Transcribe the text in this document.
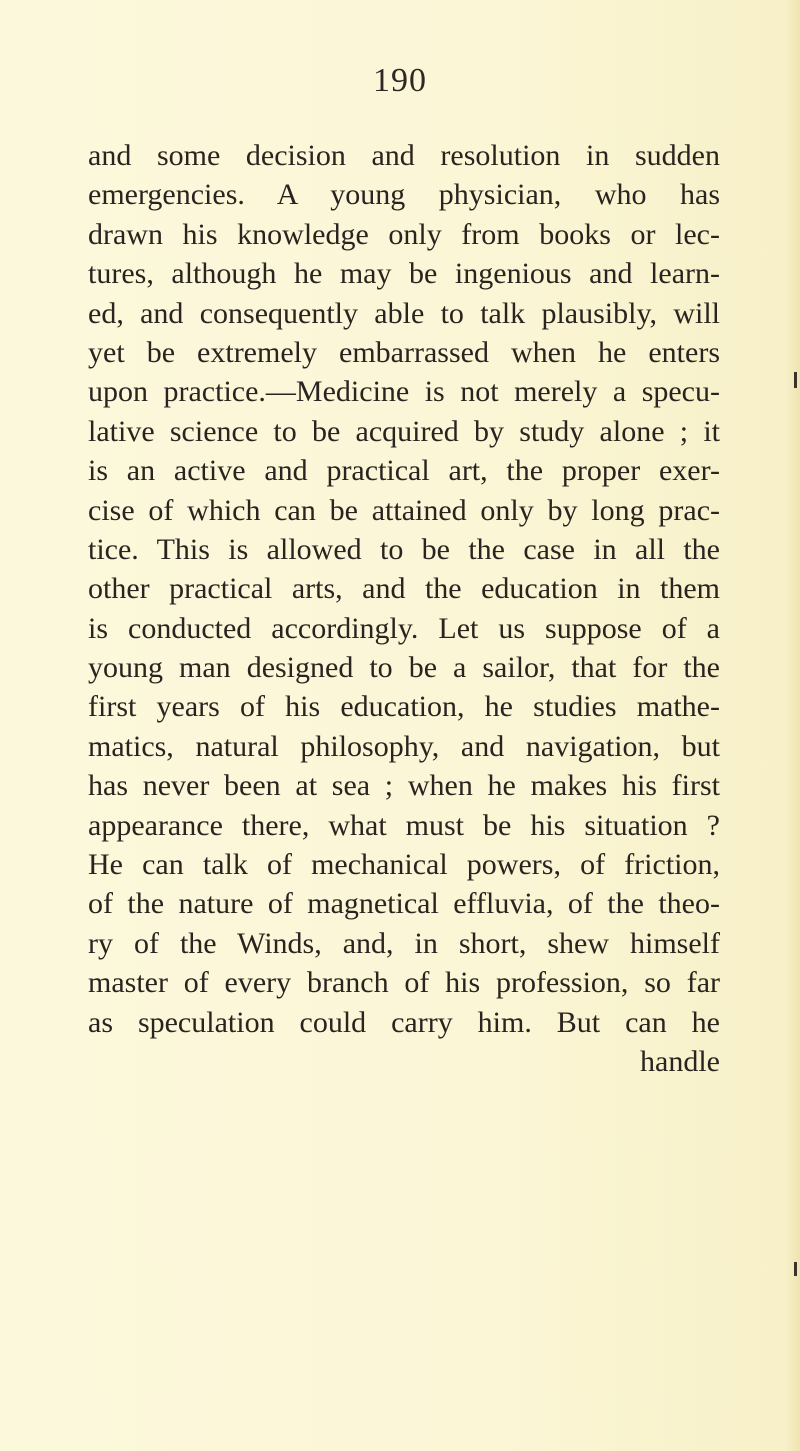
190
and some decision and resolution in sudden
emergencies. A young physician, who has
drawn his knowledge only from books or lec-
tures, although he may be ingenious and learn-
ed, and consequently able to talk plausibly, will
yet be extremely embarrassed when he enters
upon practice.—Medicine is not merely a specu-
lative science to be acquired by study alone ; it
is an active and practical art, the proper exer-
cise of which can be attained only by long prac-
tice. This is allowed to be the case in all the
other practical arts, and the education in them
is conducted accordingly. Let us suppose of a
young man designed to be a sailor, that for the
first years of his education, he studies mathe-
matics, natural philosophy, and navigation, but
has never been at sea ; when he makes his first
appearance there, what must be his situation ?
He can talk of mechanical powers, of friction,
of the nature of magnetical effluvia, of the theo-
ry of the Winds, and, in short, shew himself
master of every branch of his profession, so far
as speculation could carry him. But can he
handle
